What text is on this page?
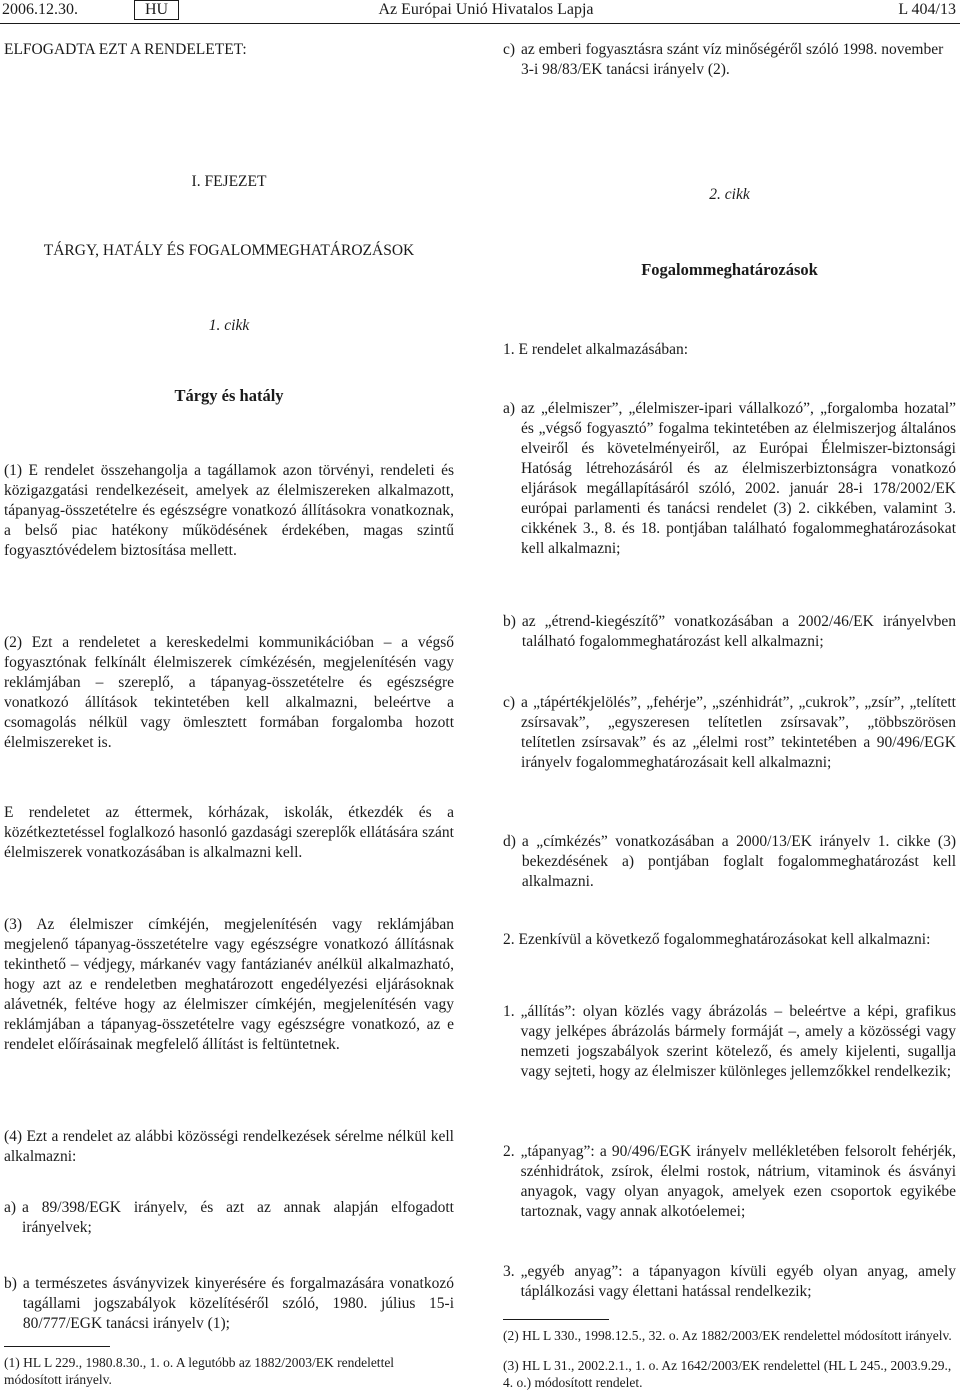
2006.12.30.	HU	Az Európai Unió Hivatalos Lapja	L 404/13
ELFOGADTA EZT A RENDELETET:
I. FEJEZET
TÁRGY, HATÁLY ÉS FOGALOMMEGHATÁROZÁSOK
1. cikk
Tárgy és hatály
(1) E rendelet összehangolja a tagállamok azon törvényi, rendeleti és közigazgatási rendelkezéseit, amelyek az élelmiszereken alkalmazott, tápanyag-összetételre és egészségre vonatkozó állításokra vonatkoznak, a belső piac hatékony működésének érdekében, magas szintű fogyasztóvédelem biztosítása mellett.
(2) Ezt a rendeletet a kereskedelmi kommunikációban – a végső fogyasztónak felkínált élelmiszerek címkézésén, megjelenítésén vagy reklámjában – szereplő, a tápanyag-összetételre és egészségre vonatkozó állítások tekintetében kell alkalmazni, beleértve a csomagolás nélkül vagy ömlesztett formában forgalomba hozott élelmiszereket is.
E rendeletet az éttermek, kórházak, iskolák, étkezdék és a közétkeztetéssel foglalkozó hasonló gazdasági szereplők ellátására szánt élelmiszerek vonatkozásában is alkalmazni kell.
(3) Az élelmiszer címkéjén, megjelenítésén vagy reklámjában megjelenő tápanyag-összetételre vagy egészségre vonatkozó állításnak tekinthető – védjegy, márkanév vagy fantázianév anélkül alkalmazható, hogy azt az e rendeletben meghatározott engedélyezési eljárásoknak alávetnék, feltéve hogy az élelmiszer címkéjén, megjelenítésén vagy reklámjában a tápanyag-összetételre vagy egészségre vonatkozó, az e rendelet előírásainak megfelelő állítást is feltüntetnek.
(4) Ezt a rendelet az alábbi közösségi rendelkezések sérelme nélkül kell alkalmazni:
a) a 89/398/EGK irányelv, és azt az annak alapján elfogadott irányelvek;
b) a természetes ásványvizek kinyerésére és forgalmazására vonatkozó tagállami jogszabályok közelítéséről szóló, 1980. július 15-i 80/777/EGK tanácsi irányelv (1);
(1) HL L 229., 1980.8.30., 1. o. A legutóbb az 1882/2003/EK rendelettel módosított irányelv.
c) az emberi fogyasztásra szánt víz minőségéről szóló 1998. november 3-i 98/83/EK tanácsi irányelv (2).
2. cikk
Fogalommeghatározások
1. E rendelet alkalmazásában:
a) az „élelmiszer”, „élelmiszer-ipari vállalkozó”, „forgalomba hozatal” és „végső fogyasztó” fogalma tekintetében az élelmiszerjog általános elveiről és követelményeiről, az Európai Élelmiszer-biztonsági Hatóság létrehozásáról és az élelmiszerbiztonságra vonatkozó eljárások megállapításáról szóló, 2002. január 28-i 178/2002/EK európai parlamenti és tanácsi rendelet (3) 2. cikkében, valamint 3. cikkének 3., 8. és 18. pontjában található fogalommeghatározásokat kell alkalmazni;
b) az „étrend-kiegészítő” vonatkozásában a 2002/46/EK irányelvben található fogalommeghatározást kell alkalmazni;
c) a „tápértékjelölés”, „fehérje”, „szénhidrát”, „cukrok”, „zsír”, „telített zsírsavak”, „egyszeresen telítetlen zsírsavak”, „többszörösen telítetlen zsírsavak” és az „élelmi rost” tekintetében a 90/496/EGK irányelv fogalommeghatározásait kell alkalmazni;
d) a „címkézés” vonatkozásában a 2000/13/EK irányelv 1. cikke (3) bekezdésének a) pontjában foglalt fogalommeghatározást kell alkalmazni.
2. Ezenkívül a következő fogalommeghatározásokat kell alkalmazni:
1. „állítás”: olyan közlés vagy ábrázolás – beleértve a képi, grafikus vagy jelképes ábrázolás bármely formáját –, amely a közösségi vagy nemzeti jogszabályok szerint kötelező, és amely kijelenti, sugallja vagy sejteti, hogy az élelmiszer különleges jellemzőkkel rendelkezik;
2. „tápanyag”: a 90/496/EGK irányelv mellékletében felsorolt fehérjék, szénhidrátok, zsírok, élelmi rostok, nátrium, vitaminok és ásványi anyagok, vagy olyan anyagok, amelyek ezen csoportok egyikébe tartoznak, vagy annak alkotóelemei;
3. „egyéb anyag”: a tápanyagon kívüli egyéb olyan anyag, amely táplálkozási vagy élettani hatással rendelkezik;
(2) HL L 330., 1998.12.5., 32. o. Az 1882/2003/EK rendelettel módosított irányelv.
(3) HL L 31., 2002.2.1., 1. o. Az 1642/2003/EK rendelettel (HL L 245., 2003.9.29., 4. o.) módosított rendelet.
